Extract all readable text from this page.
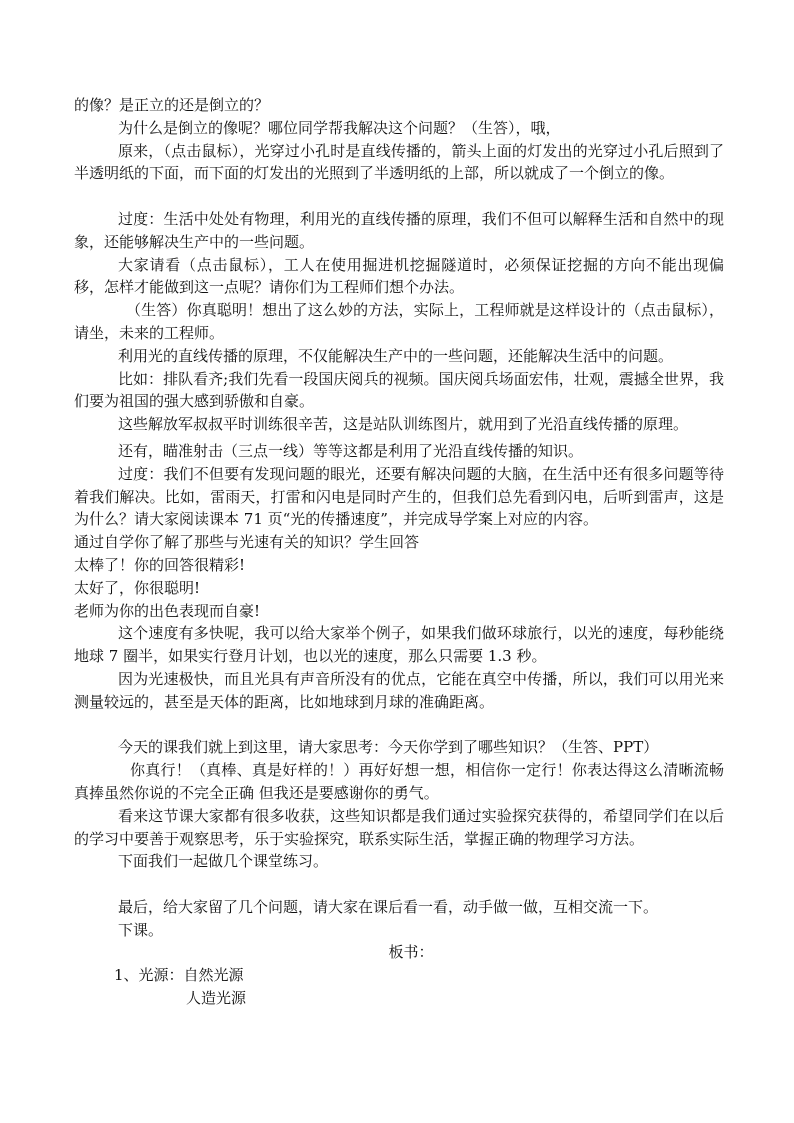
的像？是正立的还是倒立的？

为什么是倒立的像呢？哪位同学帮我解决这个问题？（生答），哦，

原来，（点击鼠标），光穿过小孔时是直线传播的，箭头上面的灯发出的光穿过小孔后照到了半透明纸的下面，而下面的灯发出的光照到了半透明纸的上部，所以就成了一个倒立的像。

过度：生活中处处有物理，利用光的直线传播的原理，我们不但可以解释生活和自然中的现象，还能够解决生产中的一些问题。

大家请看（点击鼠标），工人在使用掘进机挖掘隧道时，必须保证挖掘的方向不能出现偏移，怎样才能做到这一点呢？请你们为工程师们想个办法。

（生答）你真聪明！想出了这么妙的方法，实际上，工程师就是这样设计的（点击鼠标），请坐，未来的工程师。

利用光的直线传播的原理，不仅能解决生产中的一些问题，还能解决生活中的问题。

比如：排队看齐;我们先看一段国庆阅兵的视频。国庆阅兵场面宏伟，壮观，震撼全世界，我们要为祖国的强大感到骄傲和自豪。

这些解放军叔叔平时训练很辛苦，这是站队训练图片，就用到了光沿直线传播的原理。

还有，瞄准射击（三点一线）等等这都是利用了光沿直线传播的知识。

过度：我们不但要有发现问题的眼光，还要有解决问题的大脑，在生活中还有很多问题等待着我们解决。比如，雷雨天，打雷和闪电是同时产生的，但我们总先看到闪电，后听到雷声，这是为什么？请大家阅读课本 71 页“光的传播速度”，并完成导学案上对应的内容。

通过自学你了解了那些与光速有关的知识？学生回答

太棒了！你的回答很精彩!

太好了，你很聪明!

老师为你的出色表现而自豪!

这个速度有多快呢，我可以给大家举个例子，如果我们做环球旅行，以光的速度，每秒能绕地球 7 圈半，如果实行登月计划，也以光的速度，那么只需要 1.3 秒。

因为光速极快，而且光具有声音所没有的优点，它能在真空中传播，所以，我们可以用光来测量较远的，甚至是天体的距离，比如地球到月球的准确距离。

今天的课我们就上到这里，请大家思考：今天你学到了哪些知识？（生答、PPT）

你真行！（真棒、真是好样的！）再好好想一想，相信你一定行！你表达得这么清晰流畅 真捧虽然你说的不完全正确 但我还是要感谢你的勇气。

看来这节课大家都有很多收获，这些知识都是我们通过实验探究获得的，希望同学们在以后的学习中要善于观察思考，乐于实验探究，联系实际生活，掌握正确的物理学习方法。

下面我们一起做几个课堂练习。

最后，给大家留了几个问题，请大家在课后看一看，动手做一做，互相交流一下。

下课。

板书：

1、光源：自然光源

人造光源
